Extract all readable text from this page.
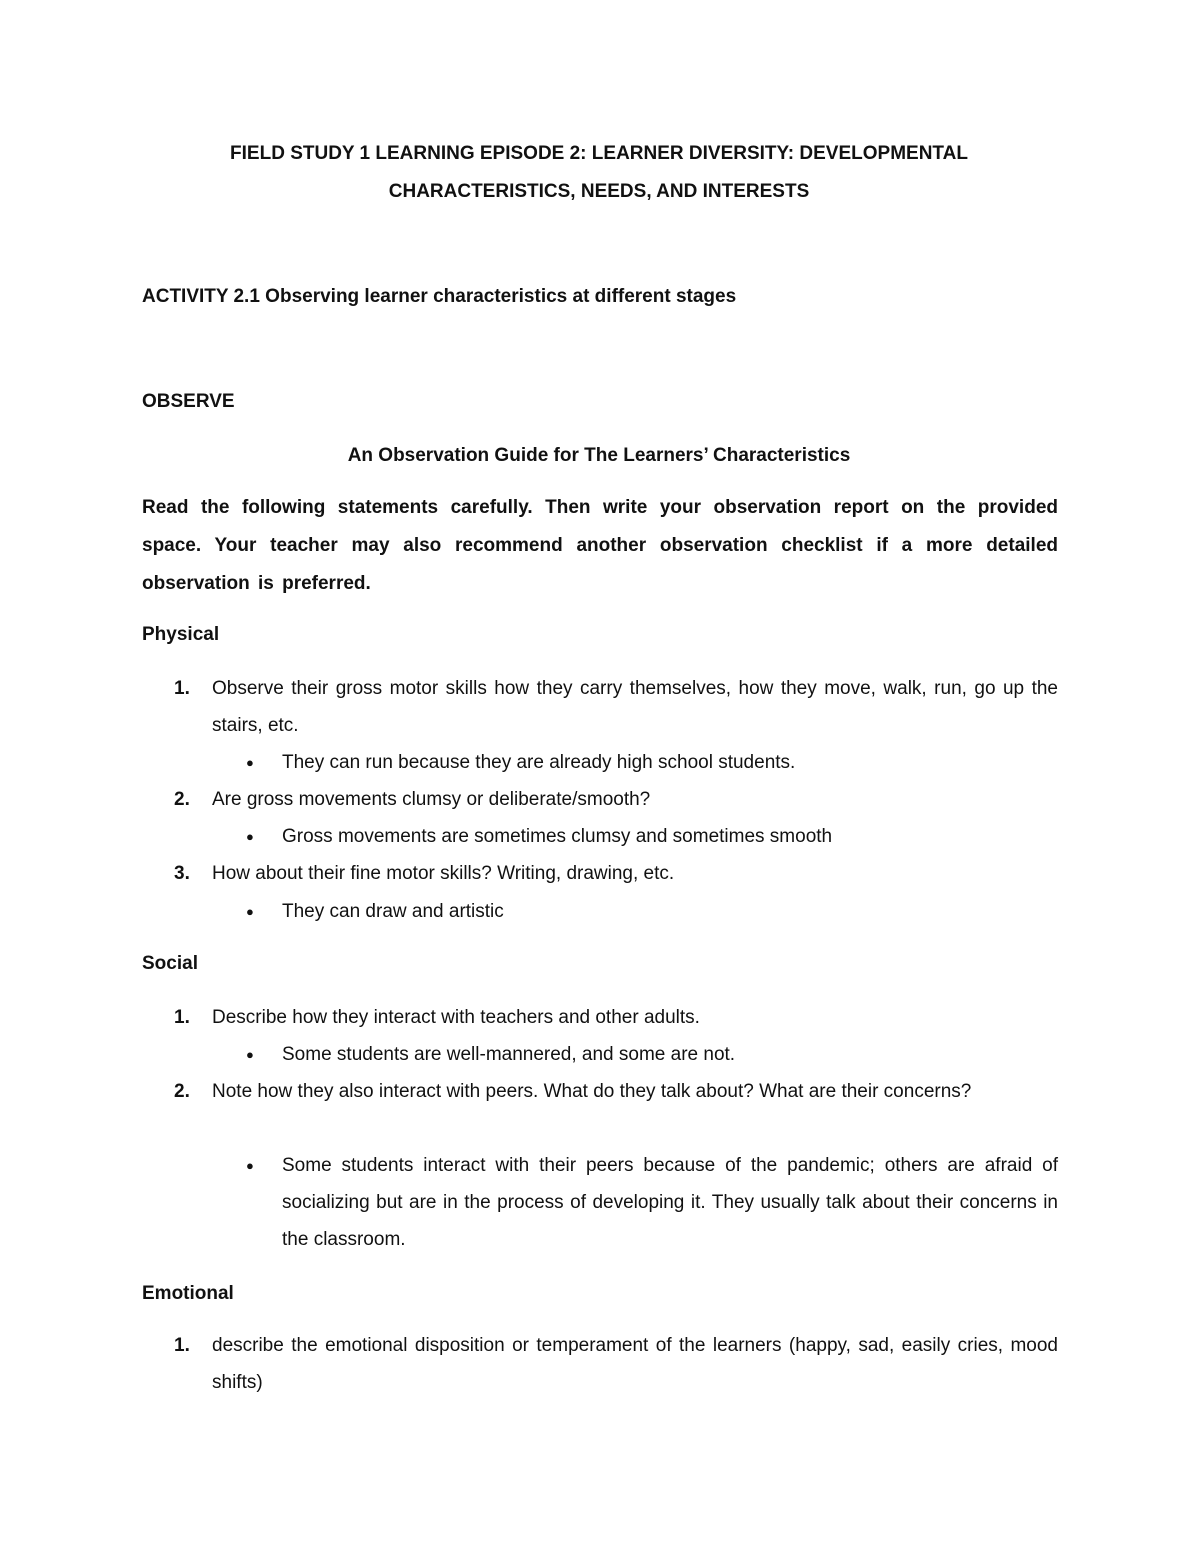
FIELD STUDY 1 LEARNING EPISODE 2: LEARNER DIVERSITY: DEVELOPMENTAL
CHARACTERISTICS, NEEDS, AND INTERESTS
ACTIVITY 2.1 Observing learner characteristics at different stages
OBSERVE
An Observation Guide for The Learners’ Characteristics
Read the following statements carefully. Then write your observation report on the provided space. Your teacher may also recommend another observation checklist if a more detailed observation is preferred.
Physical
1. Observe their gross motor skills how they carry themselves, how they move, walk, run, go up the stairs, etc.
● They can run because they are already high school students.
2. Are gross movements clumsy or deliberate/smooth?
● Gross movements are sometimes clumsy and sometimes smooth
3. How about their fine motor skills? Writing, drawing, etc.
● They can draw and artistic
Social
1. Describe how they interact with teachers and other adults.
● Some students are well-mannered, and some are not.
2. Note how they also interact with peers. What do they talk about? What are their concerns?
● Some students interact with their peers because of the pandemic; others are afraid of socializing but are in the process of developing it. They usually talk about their concerns in the classroom.
Emotional
1. describe the emotional disposition or temperament of the learners (happy, sad, easily cries, mood shifts)
